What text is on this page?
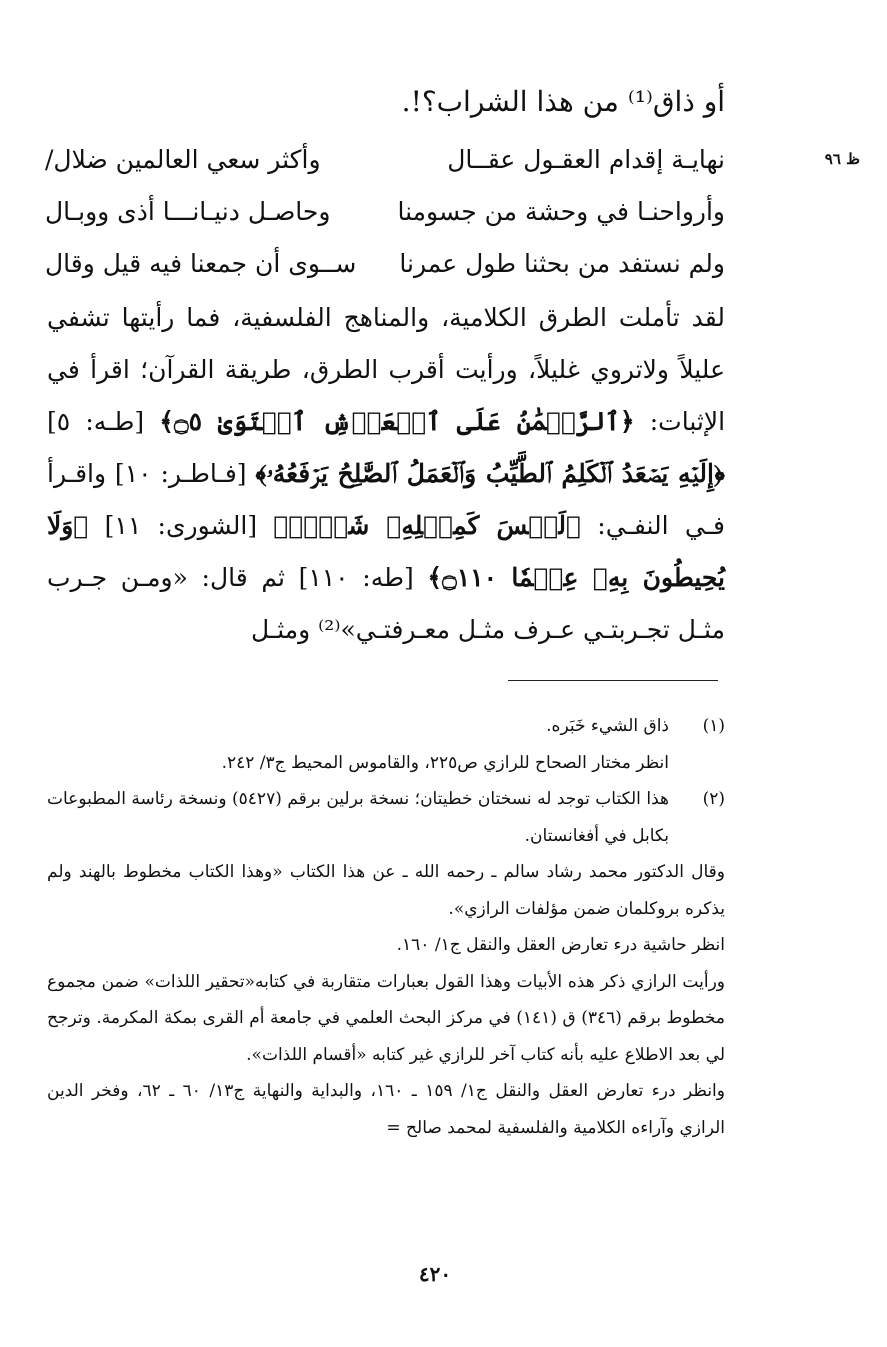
أو ذاق⁽¹⁾ من هذا الشراب؟!.
ظ ٩٦
نهايـة إقدام العقـول عقــال
وأكثر سعي العالمين ضلال/
وأرواحنـا في وحشة من جسومنا
وحاصـل دنيـانـــا أذى ووبـال
ولم نستفد من بحثنا طول عمرنا
ســوى أن جمعنا فيه قيل وقال
لقد تأملت الطرق الكلامية، والمناهج الفلسفية، فما رأيتها تشفي عليلاً ولاتروي غليلاً، ورأيت أقرب الطرق، طريقة القرآن؛ اقرأ في الإثبات: ﴿ٱلرَّحۡمَٰنُ عَلَى ٱلۡعَرۡشِ ٱسۡتَوَىٰ ۝٥﴾ [طـه: ٥] ﴿إِلَيۡهِ يَصۡعَدُ ٱلۡكَلِمُ ٱلطَّيِّبُ وَٱلۡعَمَلُ ٱلصَّٰلِحُ يَرۡفَعُهُۥ﴾ [فـاطـر: ١٠] واقـرأ فـي النفـي: ﴿لَيۡسَ كَمِثۡلِهِۦ شَيۡءٞ﴾ [الشورى: ١١] ﴿وَلَا يُحِيطُونَ بِهِۦ عِلۡمٗا ۝١١٠﴾ [طه: ١١٠] ثم قال: «ومـن جـرب مثـل تجـربتـي عـرف مثـل معـرفتـي»⁽²⁾ ومثـل
(١)
ذاق الشيء خَبَره.
انظر مختار الصحاح للرازي ص٢٢٥، والقاموس المحيط ج٣/ ٢٤٢.
(٢)
هذا الكتاب توجد له نسختان خطيتان؛ نسخة برلين برقم (٥٤٢٧) ونسخة رئاسة المطبوعات بكابل في أفغانستان.
وقال الدكتور محمد رشاد سالم ـ رحمه الله ـ عن هذا الكتاب «وهذا الكتاب مخطوط بالهند ولم يذكره بروكلمان ضمن مؤلفات الرازي».
انظر حاشية درء تعارض العقل والنقل ج١/ ١٦٠.
ورأيت الرازي ذكر هذه الأبيات وهذا القول بعبارات متقاربة في كتابه«تحقير اللذات» ضمن مجموع مخطوط برقم (٣٤٦) ق (١٤١) في مركز البحث العلمي في جامعة أم القرى بمكة المكرمة. وترجح لي بعد الاطلاع عليه بأنه كتاب آخر للرازي غير كتابه «أقسام اللذات».
وانظر درء تعارض العقل والنقل ج١/ ١٥٩ ـ ١٦٠، والبداية والنهاية ج١٣/ ٦٠ ـ ٦٢، وفخر الدين الرازي وآراءه الكلامية والفلسفية لمحمد صالح =
٤٢٠
